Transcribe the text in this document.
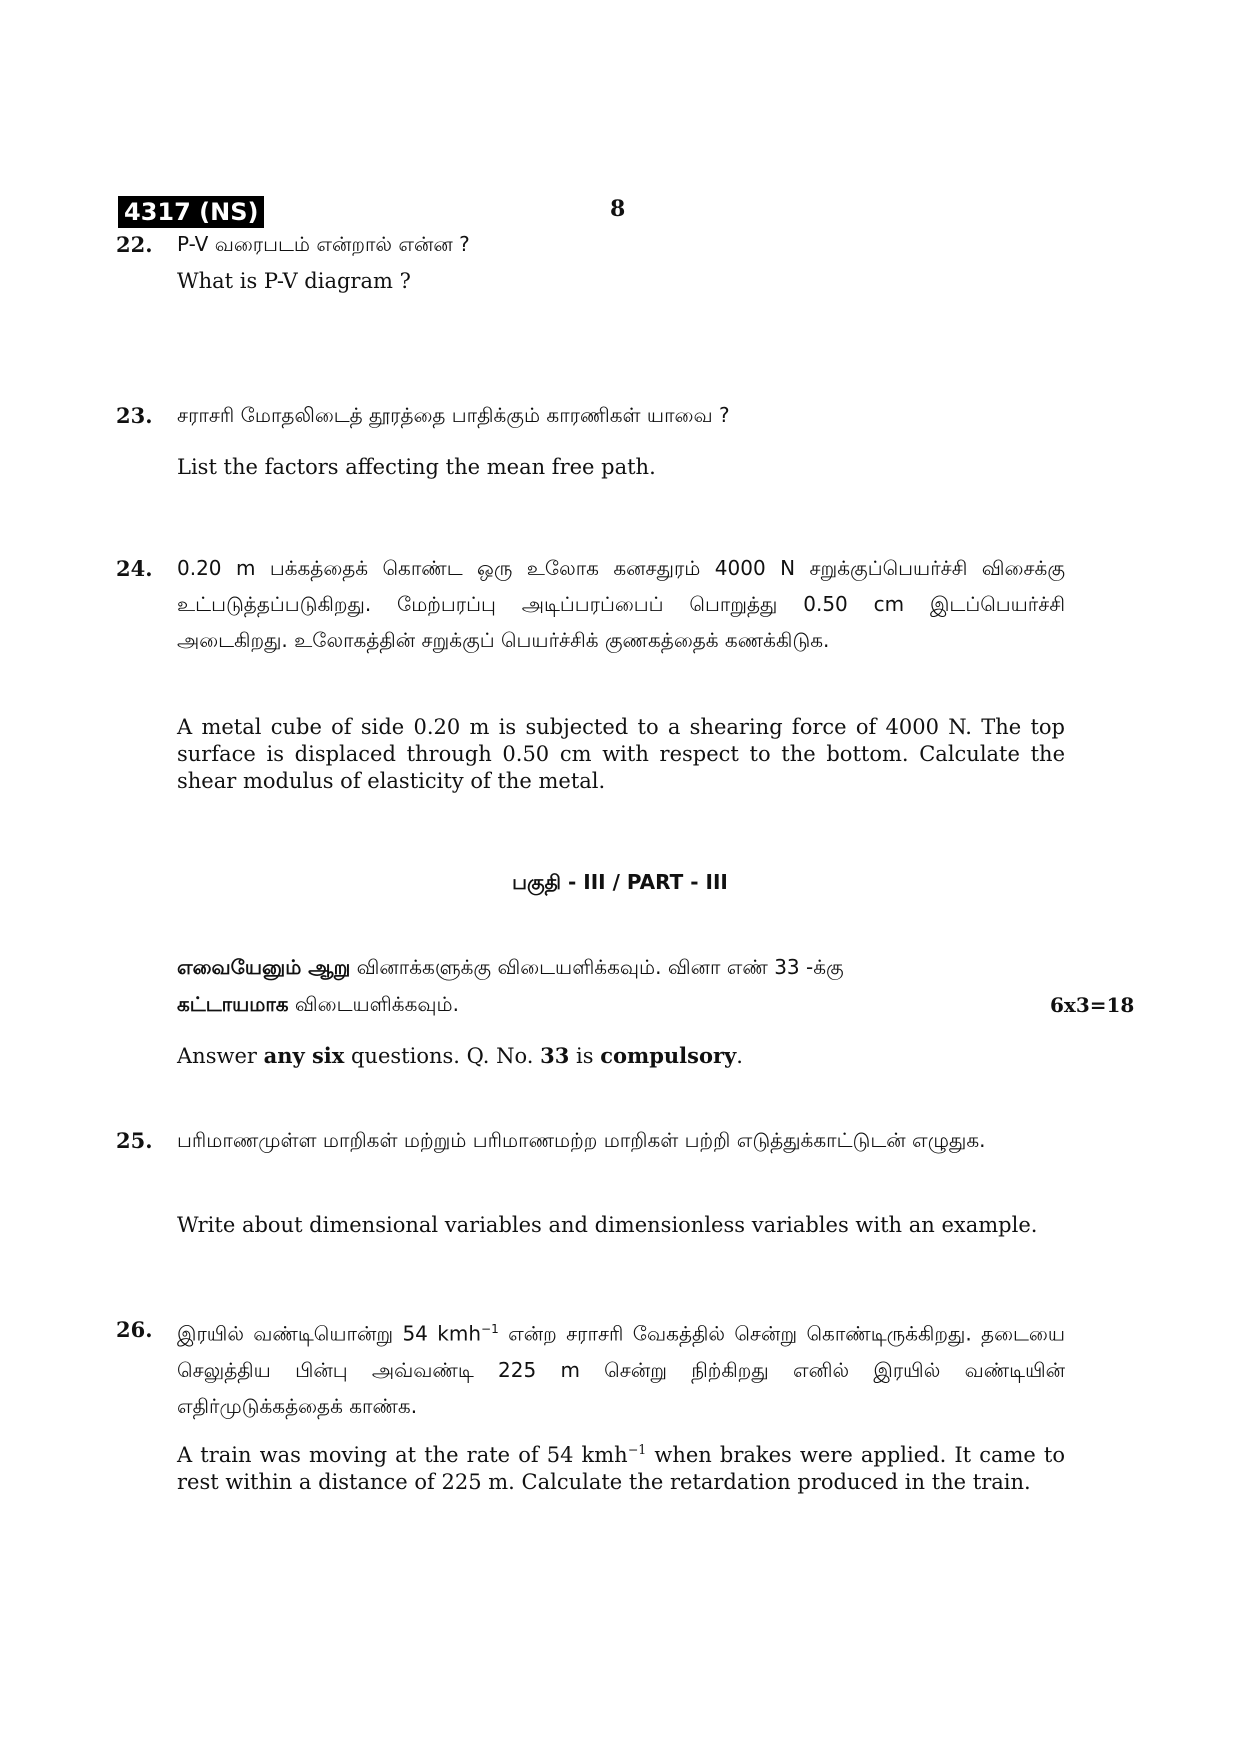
4317 (NS)	8
22. P-V வரைபடம் என்றால் என்ன ?
What is P-V diagram ?
23. சராசரி மோதலிடைத் தூரத்தை பாதிக்கும் காரணிகள் யாவை ?
List the factors affecting the mean free path.
24. 0.20 m பக்கத்தைக் கொண்ட ஒரு உலோக கனசதுரம் 4000 N சறுக்குப்பெயர்ச்சி விசைக்கு உட்படுத்தப்படுகிறது. மேற்பரப்பு அடிப்பரப்பைப் பொறுத்து 0.50 cm இடப்பெயர்ச்சி அடைகிறது. உலோகத்தின் சறுக்குப் பெயர்ச்சிக் குணகத்தைக் கணக்கிடுக.
A metal cube of side 0.20 m is subjected to a shearing force of 4000 N. The top surface is displaced through 0.50 cm with respect to the bottom. Calculate the shear modulus of elasticity of the metal.
பகுதி - III / PART - III
எவையேனும் ஆறு வினாக்களுக்கு விடையளிக்கவும். வினா எண் 33 -க்கு
கட்டாயமாக விடையளிக்கவும்.	6x3=18
Answer any six questions. Q. No. 33 is compulsory.
25. பரிமாணமுள்ள மாறிகள் மற்றும் பரிமாணமற்ற மாறிகள் பற்றி எடுத்துக்காட்டுடன் எழுதுக.
Write about dimensional variables and dimensionless variables with an example.
26. இரயில் வண்டியொன்று 54 kmh$^{-1}$ என்ற சராசரி வேகத்தில் சென்று கொண்டிருக்கிறது. தடையை செலுத்திய பின்பு அவ்வண்டி 225 m சென்று நிற்கிறது எனில் இரயில் வண்டியின் எதிர்முடுக்கத்தைக் காண்க.
A train was moving at the rate of 54 kmh$^{-1}$ when brakes were applied. It came to rest within a distance of 225 m. Calculate the retardation produced in the train.
